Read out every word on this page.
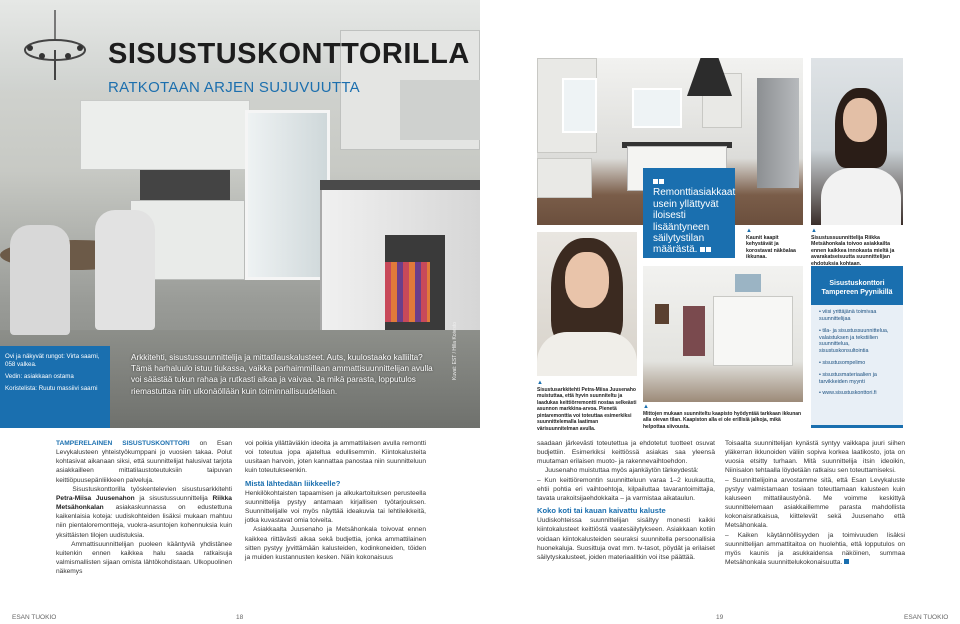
Kuvat: EST / Hilla Koivisto
SISUSTUSKONTTORILLA
RATKOTAAN ARJEN SUJUVUUTTA

Ovi ja näkyvät rungot: Virta saarni, 058 valkea.

Vedin: asiakkaan ostama

Koristelista: Ruutu massiivi saarni

Arkkitehti, sisustussuunnittelija ja mittatilauskalusteet. Auts, kuulostaako kalliilta? Tämä harhaluulo istuu tiukassa, vaikka parhaimmillaan ammattisuunnittelijan avulla voi säästää tukun rahaa ja rutkasti aikaa ja vaivaa. Ja mikä parasta, lopputulos riemastuttaa niin ulkonäöllään kuin toiminnallisuudellaan.
TAMPERELAINEN SISUSTUSKONTTORI on Esan Levykalusteen yhteistyökumppani jo vuosien takaa. Polut kohtasivat aikanaan siksi, että suunnittelijat halusivat tarjota asiakkailleen mittatilaustoteutuksiin taipuvan keittiöpuusepänliikkeen palveluja.
Sisustuskonttorilla työskentelevien sisustusarkkitehti Petra-Miisa Juusenahon ja sisustussuunnittelija Riikka Metsähonkalan asiakaskunnassa on edustettuna kaikenlaisia koteja: uudiskohteiden lisäksi mukaan mahtuu niin pientaloremontteja, vuokra-asuntojen kohennuksia kuin yksittäisten tilojen uudistuksia.
Ammattisuunnittelijan puoleen kääntyviä yhdistänee kuitenkin ennen kaikkea halu saada ratkaisuja valmismallisten sijaan omista lähtökohdistaan. Ulkopuolinen näkemys

voi poikia yllättäviäkin ideoita ja ammattilaisen avulla remontti voi toteutua jopa ajateltua edullisemmin. Kiintokalusteita uusitaan harvoin, joten kannattaa panostaa niin suunnitteluun kuin toteutukseenkin.

Mistä lähtedään liikkeelle?

Henkilökohtaisten tapaamisen ja alkukartoituksen perusteella suunnittelija pystyy antamaan kirjallisen työtarjouksen. Suunnittelijalle voi myös näyttää ideakuvia tai lehtileikkeitä, jotka kuvastavat omia toiveita.

Asiakkaalta Juusenaho ja Metsähonkala toivovat ennen kaikkea riittävästi aikaa sekä budjettia, jonka ammattilainen sitten pystyy jyvittämään kalusteiden, kodinkoneiden, töiden ja muiden kustannusten kesken. Näin kokonaisuus

ESAN TUOKIO	18
Remonttiasiakkaat usein yllättyvät iloisesti lisääntyneen säilytystilan määrästä.
▲
Kaunit kaapit kehystävät ja korostavat näköalaa ikkunaa.
▲
Sisustussuunnittelija Riikka Metsähonkala toivoo asiakkailta ennen kaikkea innokasta mieltä ja avarakatseisuutta suunnittelijan ehdotuksia kohtaan.
Sisustuskonttori Tampereen Pyynikillä
• viisi yrittäjänä toimivaa suunnittelijaa
• tila- ja sisustussuunnittelua, valaistuksen ja tekstiilien suunnittelua, sisustuskonsultointia
• sisustusompelimo
• sisustusmateriaalien ja tarvikkeiden myynti
• www.sisustuskonttori.fi
▲
Sisustusarkkitehti Petra-Miisa Juusenaho muistuttaa, että hyvin suunniteltu ja laadukas keittiörremontti nostaa selkeästi asunnon markkina-arvoa. Pienetä pintaremonttia voi toteuttaa esimerkiksi suunnittelemalla laatiman värisuunnitelman avulla.
▲
Mittojen mukaan suunniteltu kaapisto hyödyntää tarkkaan ikkunan alla olevan tilan. Kaapiston alla ei ole erillisiä jalkoja, mikä helpottaa siivousta.

saadaan järkevästi toteutettua ja ehdotetut tuotteet osuvat budjettiin. Esimerkiksi keittiössä asiakas saa yleensä muutaman erilaisen muoto- ja rakennevaihtoehdon.

Juusenaho muistuttaa myös ajankäytön tärkeydestä:

– Kun keittiöremontin suunnitteluun varaa 1–2 kuukautta, ehtii pohtia eri vaihtoehtoja, kilpailuttaa tavarantoimittajia, tavata urakoitsijaehdokkaita – ja varmistaa aikataulun.

Koko koti tai kauan kaivattu kaluste

Uudiskohteissa suunnittelijan sisältyy monesti kaikki kiintokalusteet keittiöstä vaatesäilytykseen. Asiakkaan kotiin voidaan kiintokalusteiden seuraksi suunnitella persoonallisia huonekaluja. Suosittuja ovat mm. tv-tasot, pöydät ja erilaiset säilytyskalusteet, joiden materiaalitkin voi itse päättää.

Toisaalta suunnittelijan kynästä syntyy vaikkapa juuri siihen yläkerran ikkunoiden väliin sopiva korkea laatikosto, jota on vuosia etsitty turhaan. Mitä suunnittelija itsin ideoikin, Niinisalon tehtaalla löydetään ratkaisu sen toteuttamiseksi.

– Suunnittelijoina arvostamme sitä, että Esan Levykaluste pystyy valmistamaan tosiaan toteuttamaan kalusteen kuin kaluseen mittatilaustyönä. Me voimme keskittyä suunnittelemaan asiakkaillemme parasta mahdollista kokonaisratkaisua, kiittelevät sekä Juusenaho että Metsähonkala.

– Kaiken käytännöllisyyden ja toimivuuden lisäksi suunnittelijan ammattitaitoa on huolehtia, että lopputulos on myös kaunis ja asukkaidensa näköinen, summaa Metsähonkala suunnittelukokonaisuutta.

19	ESAN TUOKIO
